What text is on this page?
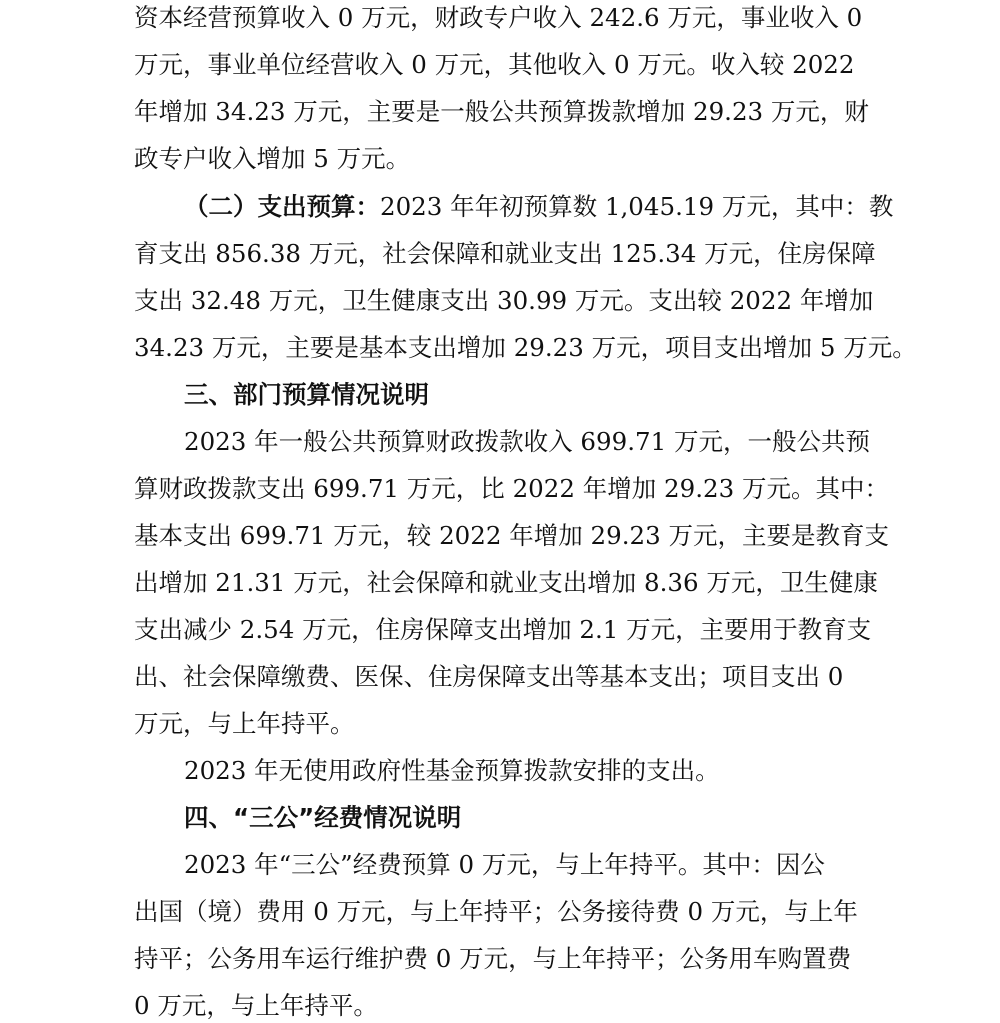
资本经营预算收入 0 万元，财政专户收入 242.6 万元，事业收入 0
万元，事业单位经营收入 0 万元，其他收入 0 万元。收入较 2022
年增加 34.23 万元，主要是一般公共预算拨款增加 29.23 万元，财
政专户收入增加 5 万元。
（二）支出预算：2023 年年初预算数 1,045.19 万元，其中：教
育支出 856.38 万元，社会保障和就业支出 125.34 万元，住房保障
支出 32.48 万元，卫生健康支出 30.99 万元。支出较 2022 年增加
34.23 万元，主要是基本支出增加 29.23 万元，项目支出增加 5 万元。
三、部门预算情况说明
2023 年一般公共预算财政拨款收入 699.71 万元，一般公共预
算财政拨款支出 699.71 万元，比 2022 年增加 29.23 万元。其中：
基本支出 699.71 万元，较 2022 年增加 29.23 万元，主要是教育支
出增加 21.31 万元，社会保障和就业支出增加 8.36 万元，卫生健康
支出减少 2.54 万元，住房保障支出增加 2.1 万元，主要用于教育支
出、社会保障缴费、医保、住房保障支出等基本支出；项目支出 0
万元，与上年持平。
2023 年无使用政府性基金预算拨款安排的支出。
四、“三公”经费情况说明
2023 年“三公”经费预算 0 万元，与上年持平。其中：因公
出国（境）费用 0 万元，与上年持平；公务接待费 0 万元，与上年
持平；公务用车运行维护费 0 万元，与上年持平；公务用车购置费
0 万元，与上年持平。
